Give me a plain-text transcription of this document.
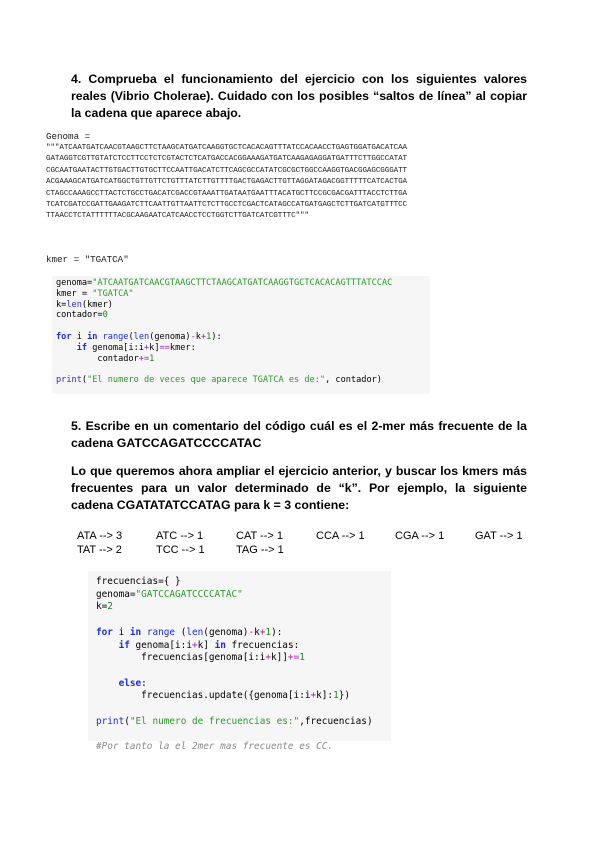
4. Comprueba el funcionamiento del ejercicio con los siguientes valores reales (Vibrio Cholerae). Cuidado con los posibles “saltos de línea” al copiar la cadena que aparece abajo.
Genoma =
"""ATCAATGATCAACGTAAGCTTCTAAGCATGATCAAGGTGCTCACACAGTTTATCCACAACCTGAGTGGATGACATCAA
GATAGGTCGTTGTATCTCCTTCCTCTCGTACTCTCATGACCACGGAAAGATGATCAAGAGAGGATGATTTCTTGGCCATAT
CGCAATGAATACTTGTGACTTGTGCTTCCAATTGACATCTTCAGCGCCATATCGCGCTGGCCAAGGTGACGGAGCGGGATT
ACGAAAGCATGATCATGGCTGTTGTTCTGTTTATCTTGTTTTGACTGAGACTTGTTAGGATAGACGGTTTTTCATCACTGA
CTAGCCAAAGCCTTACTCTGCCTGACATCGACCGTAAATTGATAATGAATTTACATGCTTCCGCGACGATTTACCTCTTGA
TCATCGATCCGATTGAAGATCTTCAATTGTTAATTCTCTTGCCTCGACTCATAGCCATGATGAGCTCTTGATCATGTTTCC
TTAACCTCTATTTTTTACGCAAGAATCATCAACCTCCTGGTCTTGATCATCGTTTC"""
kmer = "TGATCA"
genoma="ATCAATGATCAACGTAAGCTTCTAAGCATGATCAAGGTGCTCACACAGTTTATCCAC
kmer = "TGATCA"
k=len(kmer)
contador=0

for i in range(len(genoma)-k+1):
if genoma[i:i+k]==kmer:
contador+=1

print("El numero de veces que aparece TGATCA es de:", contador)
5. Escribe en un comentario del código cuál es el 2-mer más frecuente de la cadena GATCCAGATCCCCATAC
Lo que queremos ahora ampliar el ejercicio anterior, y buscar los kmers más frecuentes para un valor determinado de “k”. Por ejemplo, la siguiente cadena CGATATATCCATAG para k = 3 contiene:
ATA --> 3	ATC --> 1	CAT --> 1	CCA --> 1	CGA --> 1	GAT --> 1
TAT --> 2	TCC --> 1	TAG --> 1
frecuencias={ }
genoma="GATCCAGATCCCCATAC"
k=2

for i in range (len(genoma)-k+1):
if genoma[i:i+k] in frecuencias:
frecuencias[genoma[i:i+k]]+=1

else:
frecuencias.update({genoma[i:i+k]:1})

print("El numero de frecuencias es:",frecuencias)

#Por tanto la el 2mer mas frecuente es CC.
